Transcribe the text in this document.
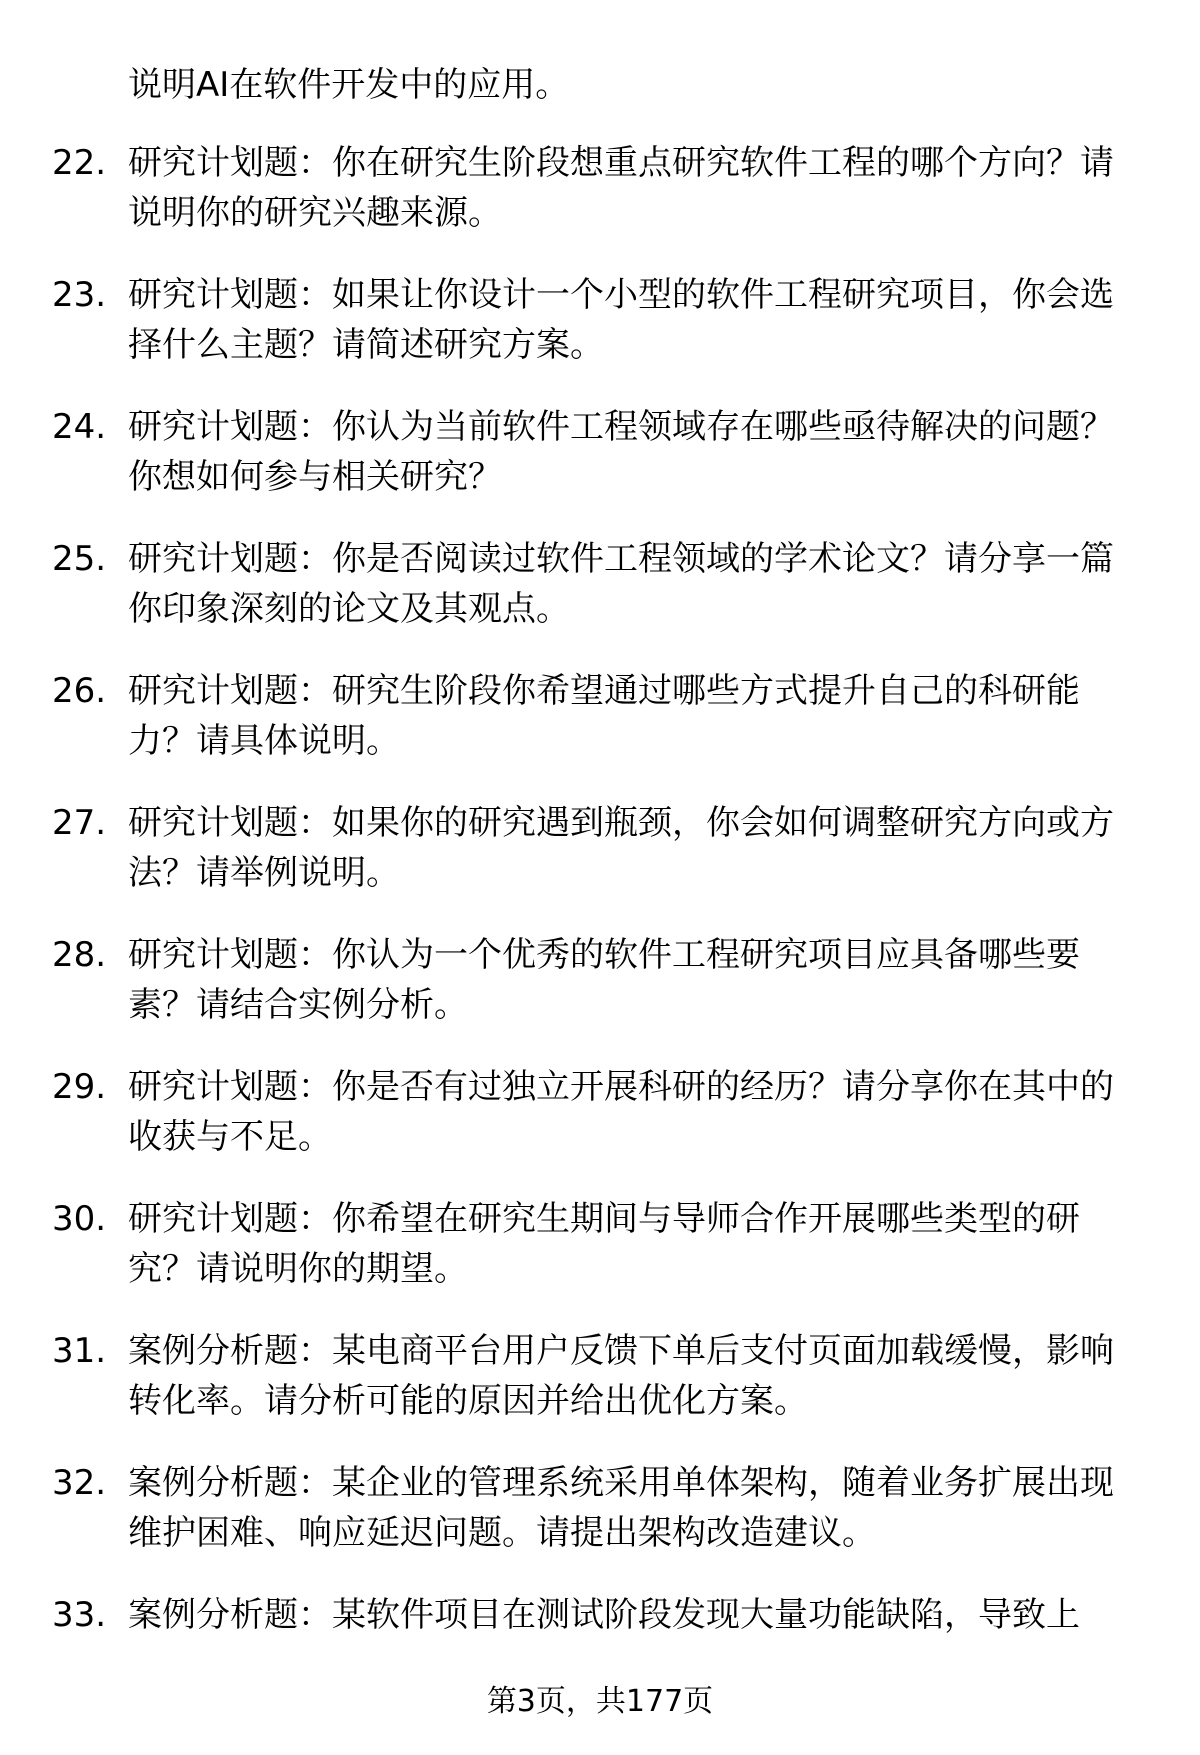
说明AI在软件开发中的应用。
22. 研究计划题：你在研究生阶段想重点研究软件工程的哪个方向？请说明你的研究兴趣来源。
23. 研究计划题：如果让你设计一个小型的软件工程研究项目，你会选择什么主题？请简述研究方案。
24. 研究计划题：你认为当前软件工程领域存在哪些亟待解决的问题？你想如何参与相关研究？
25. 研究计划题：你是否阅读过软件工程领域的学术论文？请分享一篇你印象深刻的论文及其观点。
26. 研究计划题：研究生阶段你希望通过哪些方式提升自己的科研能力？请具体说明。
27. 研究计划题：如果你的研究遇到瓶颈，你会如何调整研究方向或方法？请举例说明。
28. 研究计划题：你认为一个优秀的软件工程研究项目应具备哪些要素？请结合实例分析。
29. 研究计划题：你是否有过独立开展科研的经历？请分享你在其中的收获与不足。
30. 研究计划题：你希望在研究生期间与导师合作开展哪些类型的研究？请说明你的期望。
31. 案例分析题：某电商平台用户反馈下单后支付页面加载缓慢，影响转化率。请分析可能的原因并给出优化方案。
32. 案例分析题：某企业的管理系统采用单体架构，随着业务扩展出现维护困难、响应延迟问题。请提出架构改造建议。
33. 案例分析题：某软件项目在测试阶段发现大量功能缺陷，导致上
第3页，共177页
